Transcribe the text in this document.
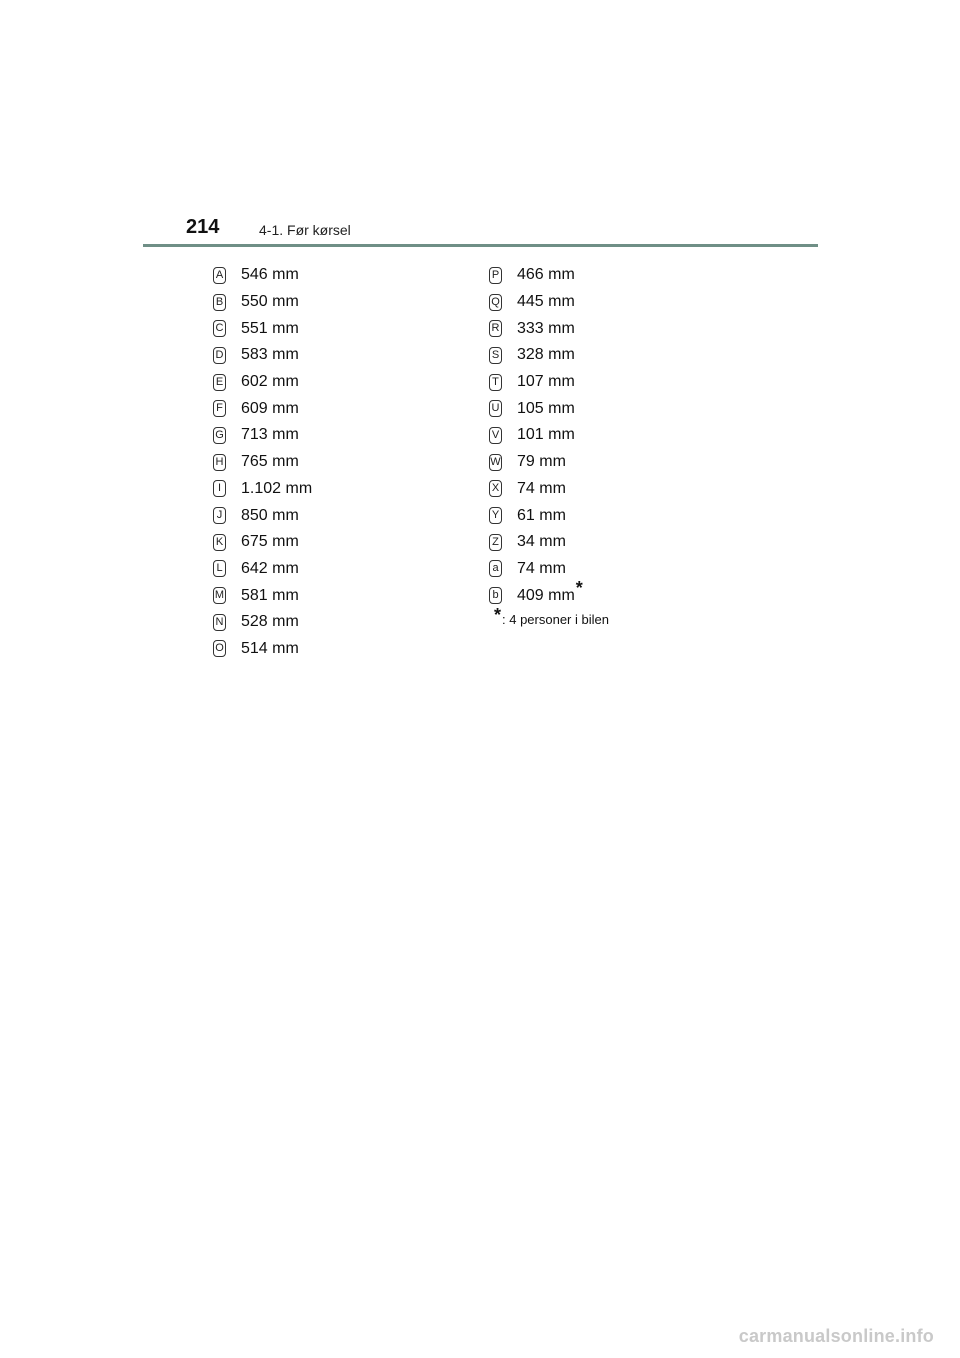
214	4-1. Før kørsel
A 546 mm
B 550 mm
C 551 mm
D 583 mm
E 602 mm
F 609 mm
G 713 mm
H 765 mm
I	1.102 mm
J 850 mm
K 675 mm
L 642 mm
M 581 mm
N 528 mm
O 514 mm
P 466 mm
Q 445 mm
R 333 mm
S 328 mm
T 107 mm
U 105 mm
V 101 mm
W 79 mm
X 74 mm
Y 61 mm
Z 34 mm
a 74 mm
b 409 mm *
* : 4 personer i bilen
carmanualsonline.info
